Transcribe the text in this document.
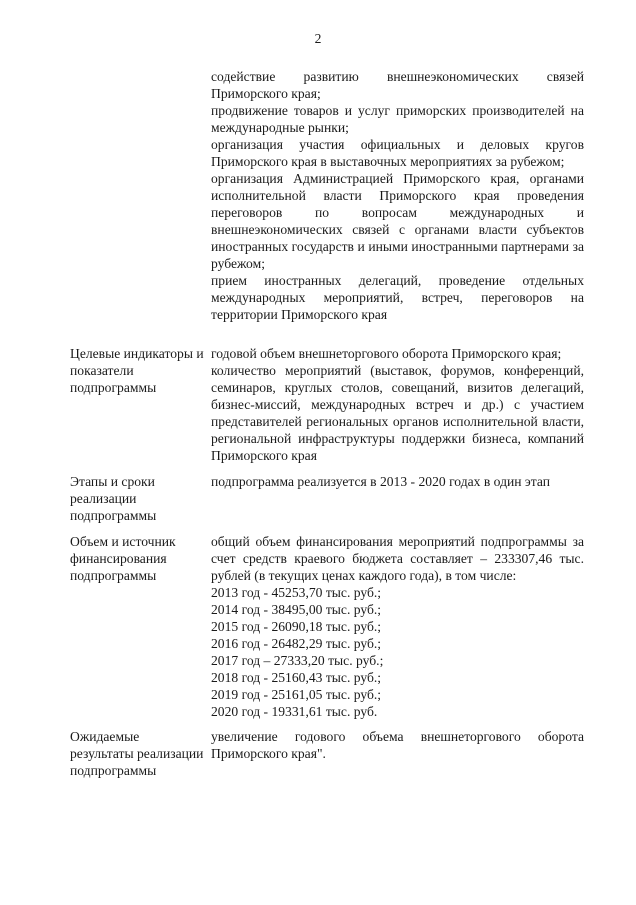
2

содействие развитию внешнеэкономических связей Приморского края;

продвижение товаров и услуг приморских производителей на международные рынки;

организация участия официальных и деловых кругов Приморского края в выставочных мероприятиях за рубежом;

организация Администрацией Приморского края, органами исполнительной власти Приморского края проведения переговоров по вопросам международных и внешнеэкономических связей с органами власти субъектов иностранных государств и иными иностранными партнерами за рубежом;

прием иностранных делегаций, проведение отдельных международных мероприятий, встреч, переговоров на территории Приморского края

Целевые индикаторы и показатели подпрограммы

годовой объем внешнеторгового оборота Приморского края;

количество мероприятий (выставок, форумов, конференций, семинаров, круглых столов, совещаний, визитов делегаций, бизнес-миссий, международных встреч и др.) с участием представителей региональных органов исполнительной власти, региональной инфраструктуры поддержки бизнеса, компаний Приморского края

Этапы и сроки реализации подпрограммы

подпрограмма реализуется в 2013 - 2020 годах в один этап

Объем и источник финансирования подпрограммы

общий объем финансирования мероприятий подпрограммы за счет средств краевого бюджета составляет – 233307,46 тыс. рублей (в текущих ценах каждого года), в том числе:

2013 год - 45253,70 тыс. руб.;

2014 год - 38495,00 тыс. руб.;

2015 год - 26090,18 тыс. руб.;

2016 год - 26482,29 тыс. руб.;

2017 год – 27333,20 тыс. руб.;

2018 год - 25160,43 тыс. руб.;

2019 год - 25161,05 тыс. руб.;

2020 год - 19331,61 тыс. руб.

Ожидаемые результаты реализации подпрограммы

увеличение годового объема внешнеторгового оборота Приморского края".
